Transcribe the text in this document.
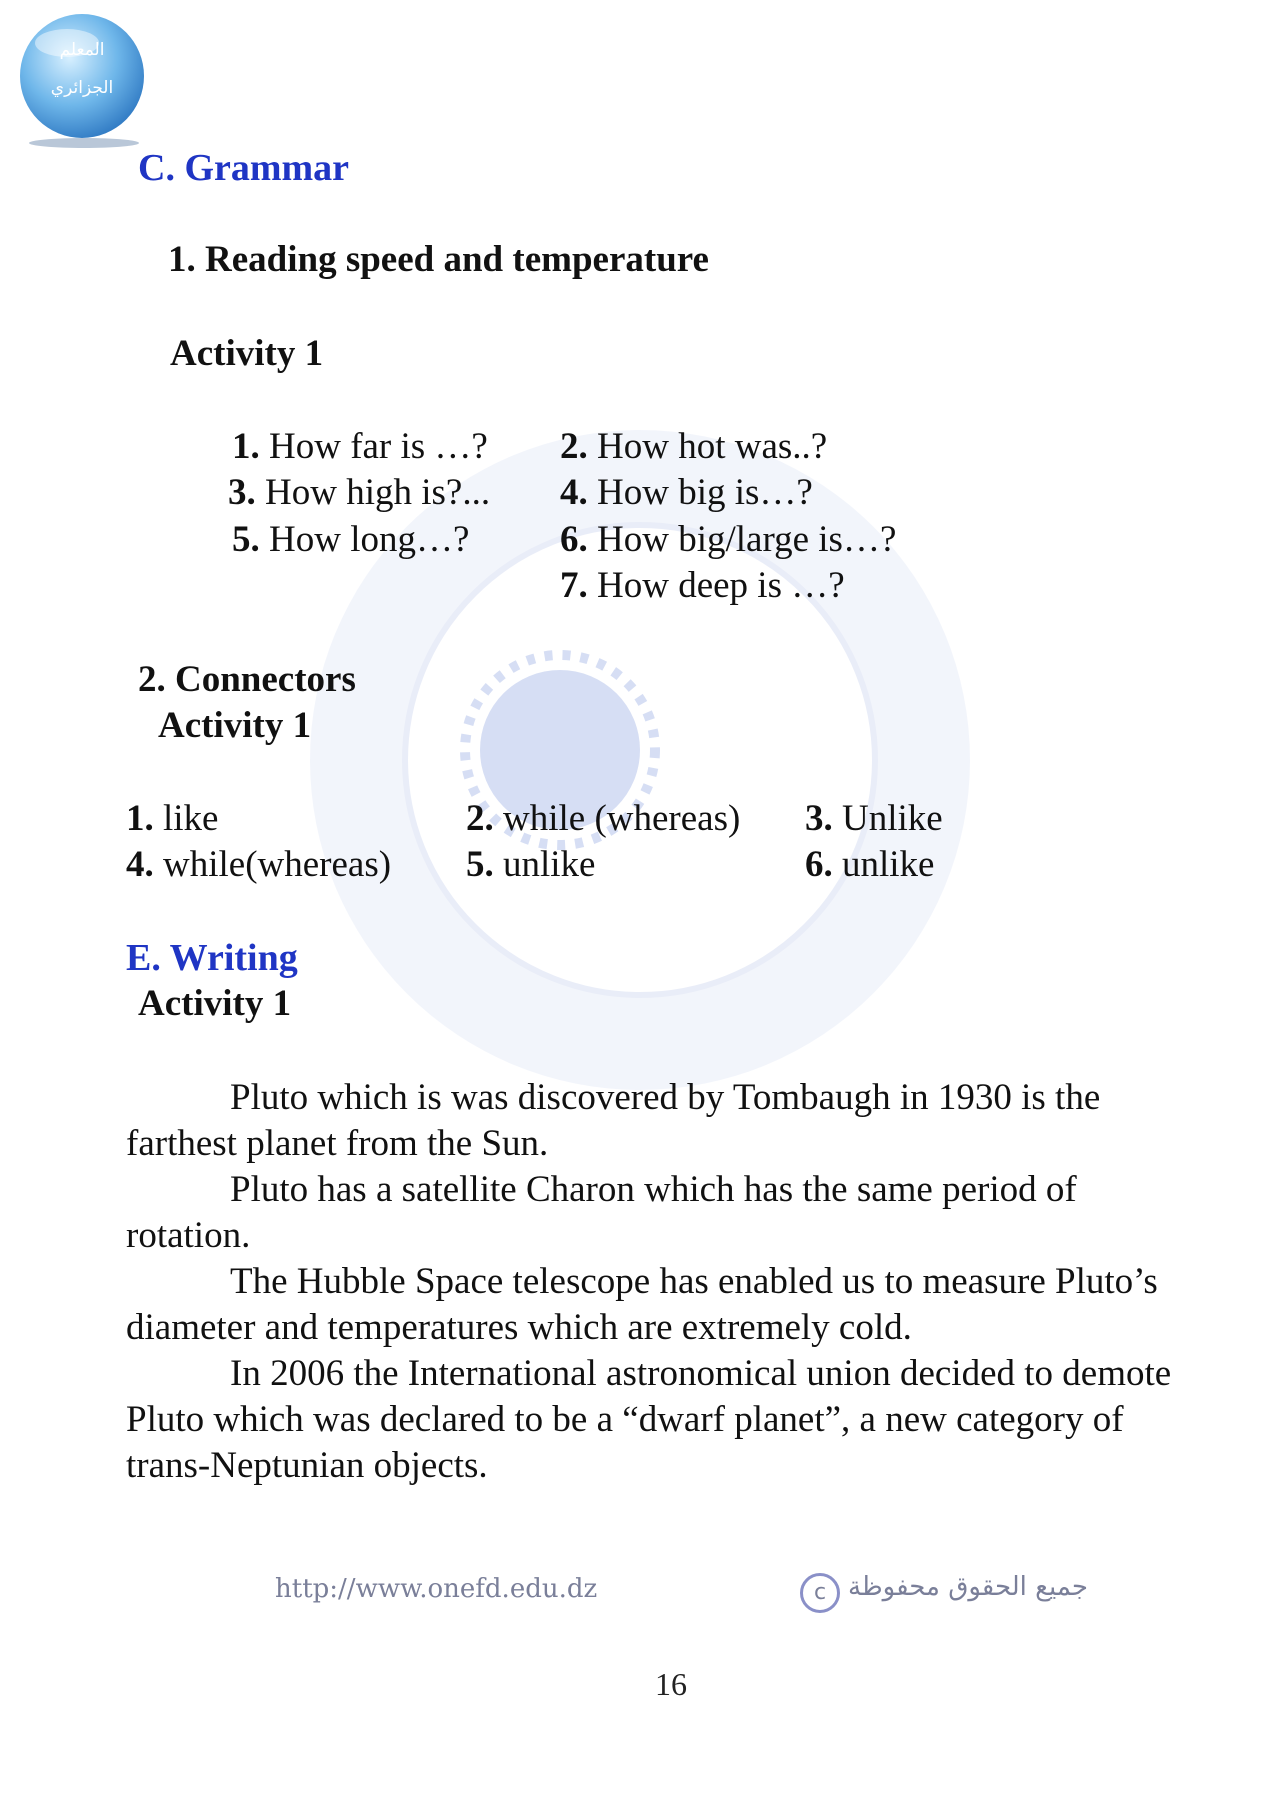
المعلم
الجزائري
C. Grammar
1. Reading speed and temperature
Activity 1
1. How far is …? 2. How hot was..?
3. How high is?... 4. How big is…?
5. How long…? 6. How big/large is…?
7. How deep is …?
2. Connectors
Activity 1
1. like	2. while (whereas) 3. Unlike
4. while(whereas) 5. unlike	6. unlike
E. Writing
Activity 1

Pluto which is was discovered by Tombaugh in 1930 is the farthest planet from the Sun.

Pluto has a satellite Charon which has the same period of rotation.

The Hubble Space telescope has enabled us to measure Pluto’s diameter and temperatures which are extremely cold.

In 2006 the International astronomical union decided to demote Pluto which was declared to be a “dwarf planet”, a new category of trans-Neptunian objects.

http://www.onefd.edu.dz	c جميع الحقوق محفوظة
16
